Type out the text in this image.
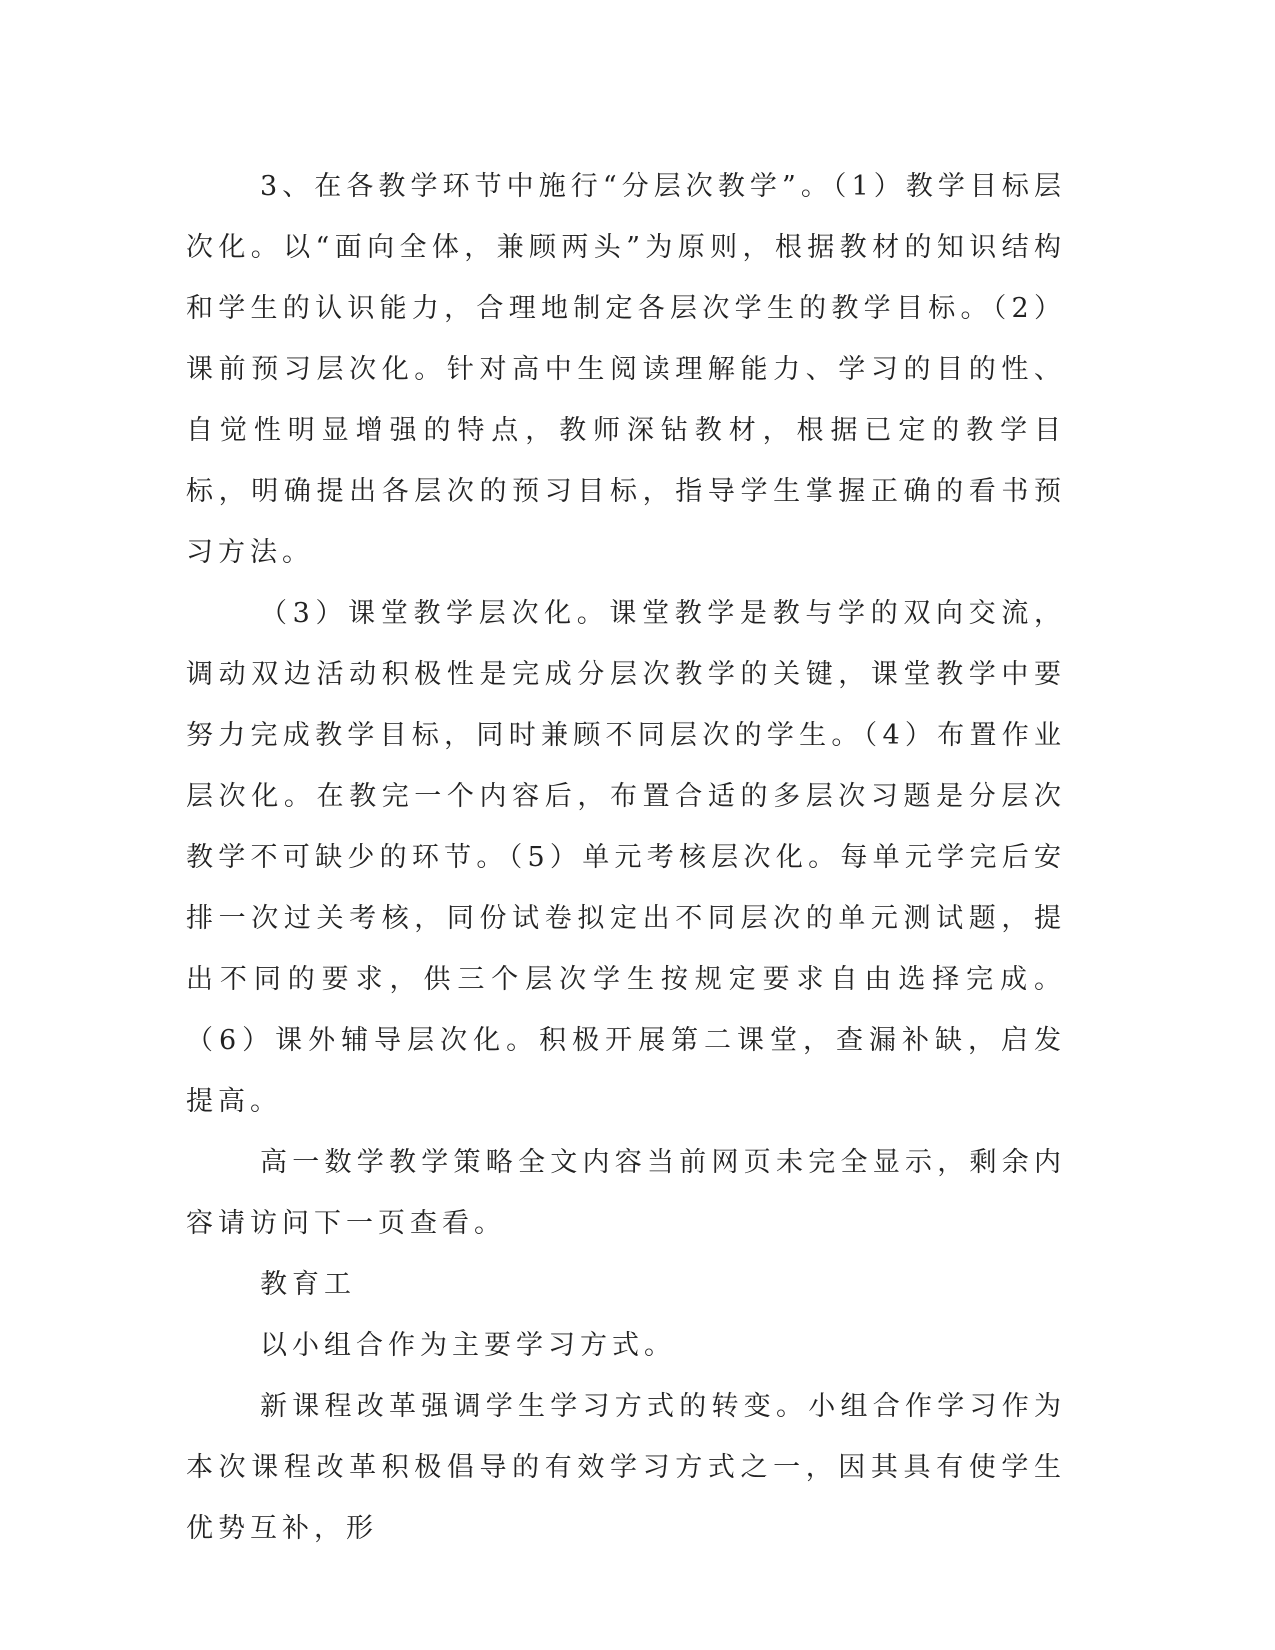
3、在各教学环节中施行“分层次教学”。（1）教学目标层次化。以“面向全体，兼顾两头”为原则，根据教材的知识结构和学生的认识能力，合理地制定各层次学生的教学目标。（2）课前预习层次化。针对高中生阅读理解能力、学习的目的性、自觉性明显增强的特点，教师深钻教材，根据已定的教学目标，明确提出各层次的预习目标，指导学生掌握正确的看书预习方法。

（3）课堂教学层次化。课堂教学是教与学的双向交流，调动双边活动积极性是完成分层次教学的关键，课堂教学中要努力完成教学目标，同时兼顾不同层次的学生。（4）布置作业层次化。在教完一个内容后，布置合适的多层次习题是分层次教学不可缺少的环节。（5）单元考核层次化。每单元学完后安排一次过关考核，同份试卷拟定出不同层次的单元测试题，提出不同的要求，供三个层次学生按规定要求自由选择完成。（6）课外辅导层次化。积极开展第二课堂，查漏补缺，启发提高。

高一数学教学策略全文内容当前网页未完全显示，剩余内容请访问下一页查看。

教育工

以小组合作为主要学习方式。

新课程改革强调学生学习方式的转变。小组合作学习作为本次课程改革积极倡导的有效学习方式之一，因其具有使学生优势互补，形
